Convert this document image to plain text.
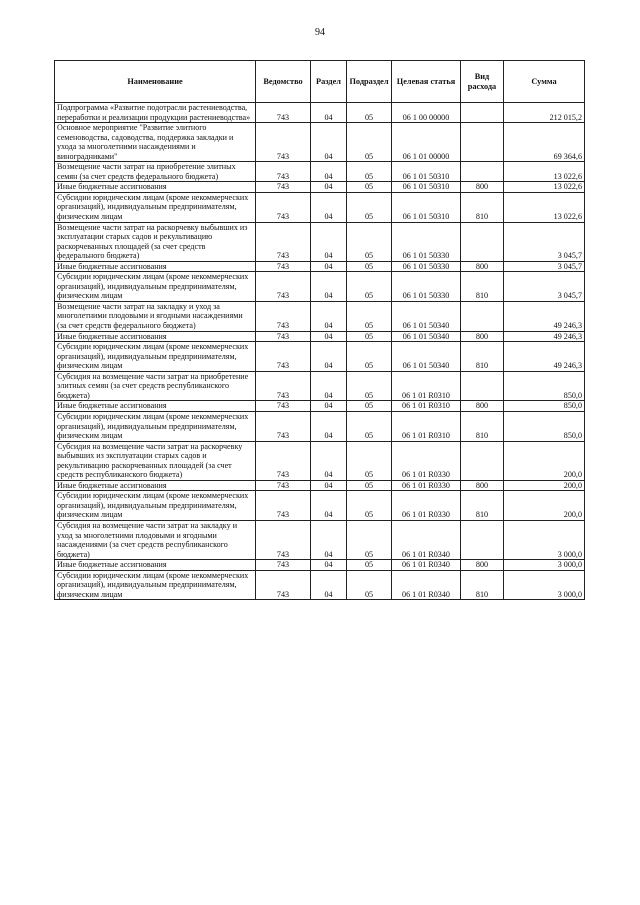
94
Наименование	Ведомство	Раздел	Подраздел	Целевая статья	Вид расхода	Сумма
Подпрограмма «Развитие подотрасли растениеводства, переработки и реализации продукции растениеводства»	743	04	05	06 1 00 00000		212 015,2
Основное мероприятие "Развитие элитного семеноводства, садоводства, поддержка закладки и ухода за многолетними насаждениями и виноградниками"	743	04	05	06 1 01 00000		69 364,6
Возмещение части затрат на приобретение элитных семян (за счет средств федерального бюджета)	743	04	05	06 1 01 50310		13 022,6
Иные бюджетные ассигнования	743	04	05	06 1 01 50310	800	13 022,6
Субсидии юридическим лицам (кроме некоммерческих организаций), индивидуальным предпринимателям, физическим лицам	743	04	05	06 1 01 50310	810	13 022,6
Возмещение части затрат на раскорчевку выбывших из эксплуатации старых садов и рекультивацию раскорчеванных площадей (за счет средств федерального бюджета)	743	04	05	06 1 01 50330		3 045,7
Иные бюджетные ассигнования	743	04	05	06 1 01 50330	800	3 045,7
Субсидии юридическим лицам (кроме некоммерческих организаций), индивидуальным предпринимателям, физическим лицам	743	04	05	06 1 01 50330	810	3 045,7
Возмещение части затрат на закладку и уход за многолетними плодовыми и ягодными насаждениями (за счет средств федерального бюджета)	743	04	05	06 1 01 50340		49 246,3
Иные бюджетные ассигнования	743	04	05	06 1 01 50340	800	49 246,3
Субсидии юридическим лицам (кроме некоммерческих организаций), индивидуальным предпринимателям, физическим лицам	743	04	05	06 1 01 50340	810	49 246,3
Субсидия на возмещение части затрат на приобретение элитных семян (за счет средств республиканского бюджета)	743	04	05	06 1 01 R0310		850,0
Иные бюджетные ассигнования	743	04	05	06 1 01 R0310	800	850,0
Субсидии юридическим лицам (кроме некоммерческих организаций), индивидуальным предпринимателям, физическим лицам	743	04	05	06 1 01 R0310	810	850,0
Субсидия на возмещение части затрат на раскорчевку выбывших из эксплуатации старых садов и рекультивацию раскорчеванных площадей (за счет средств республиканского бюджета)	743	04	05	06 1 01 R0330		200,0
Иные бюджетные ассигнования	743	04	05	06 1 01 R0330	800	200,0
Субсидии юридическим лицам (кроме некоммерческих организаций), индивидуальным предпринимателям, физическим лицам	743	04	05	06 1 01 R0330	810	200,0
Субсидия на возмещение части затрат на закладку и уход за многолетними плодовыми и ягодными насаждениями (за счет средств республиканского бюджета)	743	04	05	06 1 01 R0340		3 000,0
Иные бюджетные ассигнования	743	04	05	06 1 01 R0340	800	3 000,0
Субсидии юридическим лицам (кроме некоммерческих организаций), индивидуальным предпринимателям, физическим лицам	743	04	05	06 1 01 R0340	810	3 000,0
